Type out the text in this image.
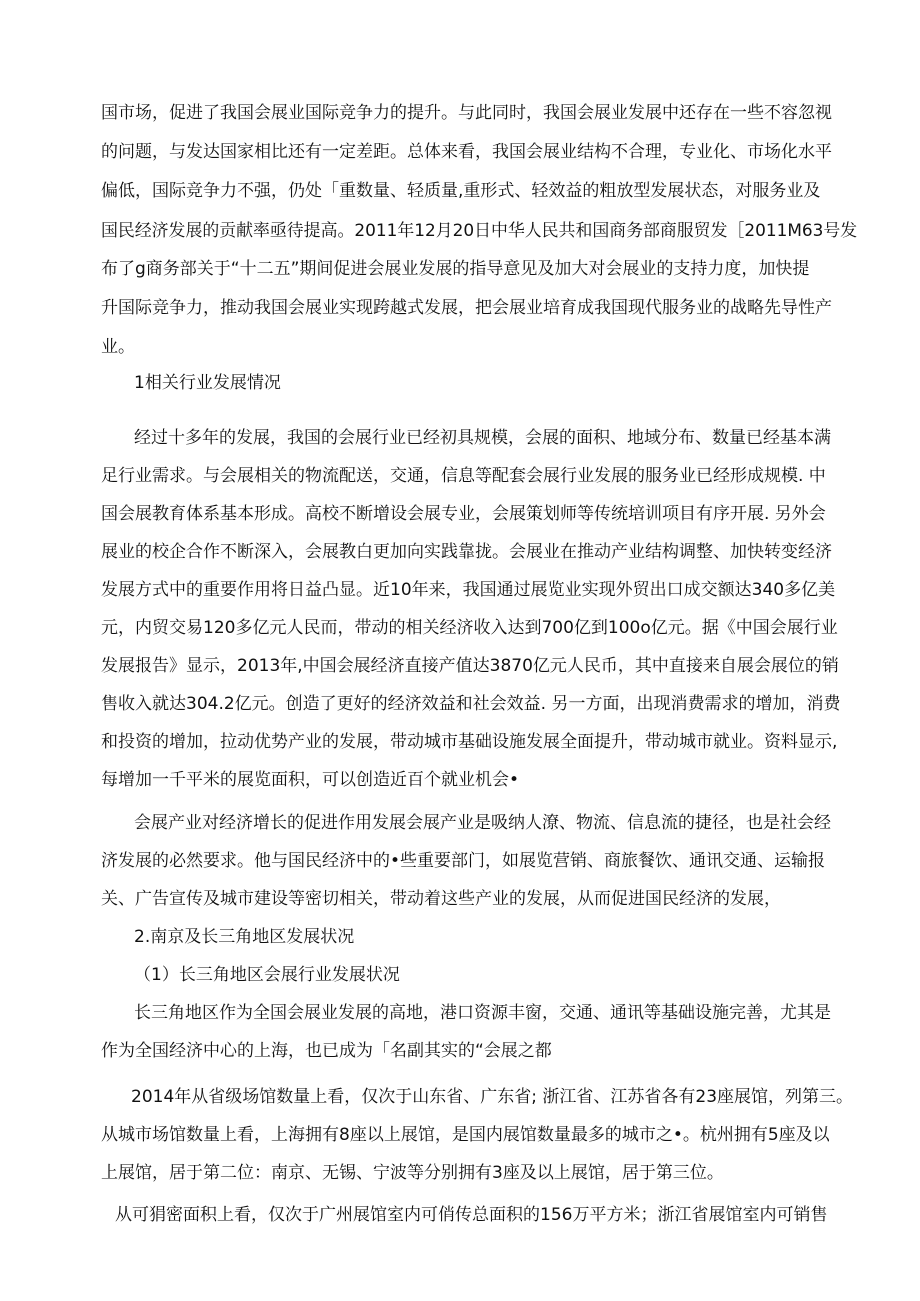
国市场，促进了我国会展业国际竞争力的提升。与此同时，我国会展业发展中还存在一些不容忽视
的问题，与发达国家相比还有一定差距。总体来看，我国会展业结构不合理，专业化、市场化水平
偏低，国际竞争力不强，仍处「重数量、轻质量,重形式、轻效益的粗放型发展状态，对服务业及
国民经济发展的贡献率亟待提高。2011年12月20日中华人民共和国商务部商服贸发［2011M63号发
布了g商务部关于“十二五”期间促进会展业发展的指导意见及加大对会展业的支持力度，加快提
升国际竞争力，推动我国会展业实现跨越式发展，把会展业培育成我国现代服务业的战略先导性产
业。
1相关行业发展情况
经过十多年的发展，我国的会展行业已经初具规模，会展的面积、地域分布、数量已经基本满
足行业需求。与会展相关的物流配送，交通，信息等配套会展行业发展的服务业已经形成规模. 中
国会展教育体系基本形成。高校不断增设会展专业，会展策划师等传统培训项目有序开展. 另外会
展业的校企合作不断深入，会展教白更加向实践靠拢。会展业在推动产业结构调整、加快转变经济
发展方式中的重要作用将日益凸显。近10年来，我国通过展览业实现外贸出口成交额达340多亿美
元，内贸交易120多亿元人民而，带动的相关经济收入达到700亿到100o亿元。据《中国会展行业
发展报告》显示，2013年,中国会展经济直接产值达3870亿元人民币，其中直接来自展会展位的销
售收入就达304.2亿元。创造了更好的经济效益和社会效益. 另一方面，出现消费需求的增加，消费
和投资的增加，拉动优势产业的发展，带动城市基础设施发展全面提升，带动城市就业。资料显示,
每增加一千平米的展览面积，可以创造近百个就业机会•
会展产业对经济增长的促进作用发展会展产业是吸纳人潦、物流、信息流的捷径，也是社会经
济发展的必然要求。他与国民经济中的•些重要部门，如展览营销、商旅餐饮、通讯交通、运输报
关、广告宣传及城市建设等密切相关，带动着这些产业的发展，从而促进国民经济的发展，
2.南京及长三角地区发展状况
（1）长三角地区会展行业发展状况
长三角地区作为全国会展业发展的高地，港口资源丰窗，交通、通讯等基础设施完善，尤其是
作为全国经济中心的上海，也已成为「名副其实的“会展之都
2014年从省级场馆数量上看，仅次于山东省、广东省; 浙江省、江苏省各有23座展馆，列第三。
从城市场馆数量上看，上海拥有8座以上展馆，是国内展馆数量最多的城市之•。杭州拥有5座及以
上展馆，居于第二位：南京、无锡、宁波等分别拥有3座及以上展馆，居于第三位。
从可狷密面积上看，仅次于广州展馆室内可俏传总面积的156万平方米；浙江省展馆室内可销售
